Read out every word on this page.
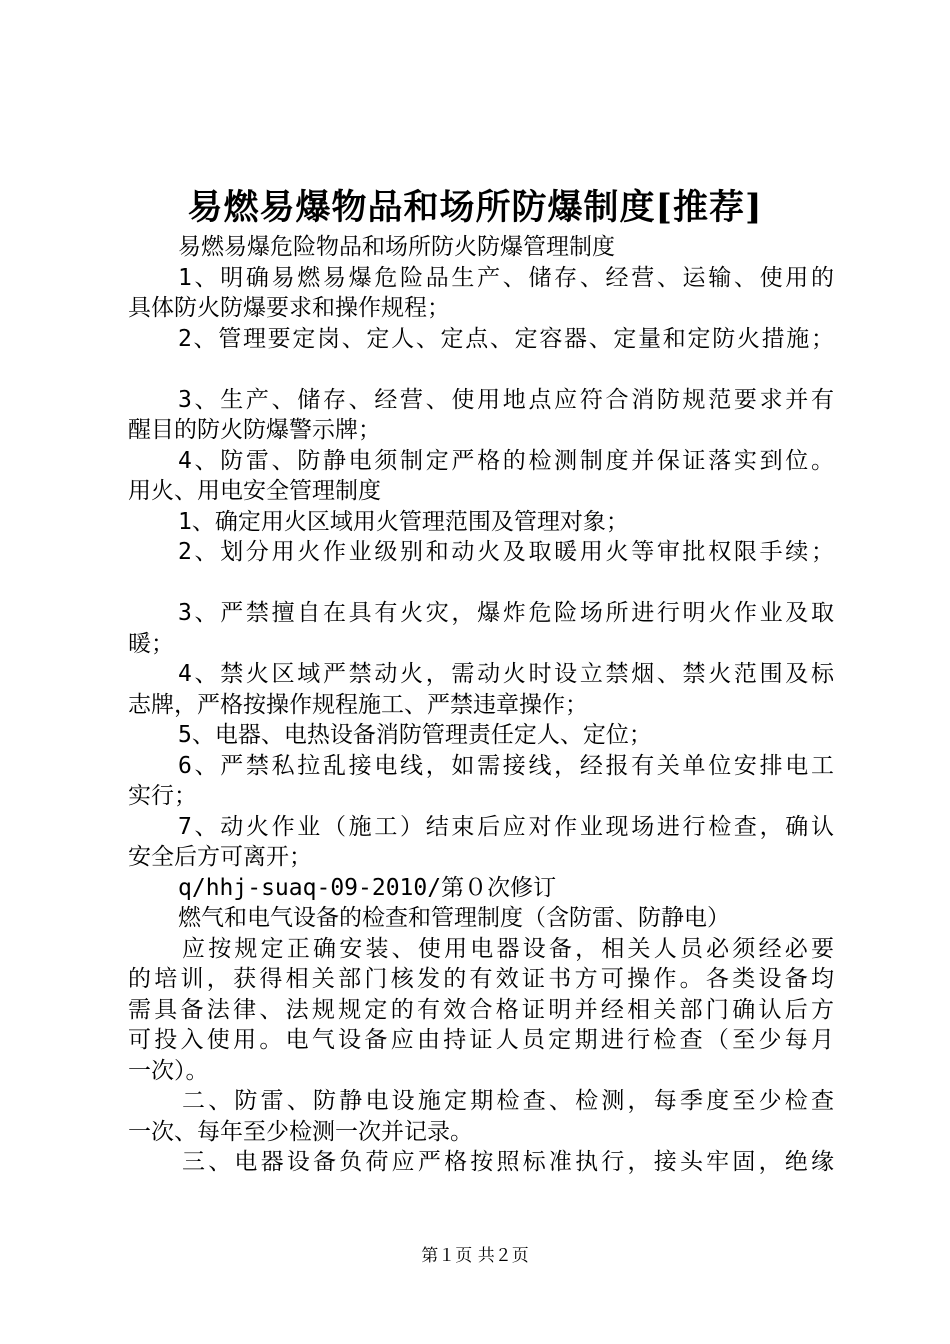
易燃易爆物品和场所防爆制度[推荐]
易燃易爆危险物品和场所防火防爆管理制度
1、明确易燃易爆危险品生产、储存、经营、运输、使用的
具体防火防爆要求和操作规程；
2、管理要定岗、定人、定点、定容器、定量和定防火措施；
3、生产、储存、经营、使用地点应符合消防规范要求并有
醒目的防火防爆警示牌；
4、防雷、防静电须制定严格的检测制度并保证落实到位。
用火、用电安全管理制度
1、确定用火区域用火管理范围及管理对象；
2、划分用火作业级别和动火及取暖用火等审批权限手续；
3、严禁擅自在具有火灾，爆炸危险场所进行明火作业及取
暖；
4、禁火区域严禁动火，需动火时设立禁烟、禁火范围及标
志牌，严格按操作规程施工、严禁违章操作；
5、电器、电热设备消防管理责任定人、定位；
6、严禁私拉乱接电线，如需接线，经报有关单位安排电工
实行；
7、动火作业（施工）结束后应对作业现场进行检查，确认
安全后方可离开；
q/hhj-suaq-09-2010/第０次修订
燃气和电气设备的检查和管理制度（含防雷、防静电）
应按规定正确安装、使用电器设备，相关人员必须经必要
的培训，获得相关部门核发的有效证书方可操作。各类设备均
需具备法律、法规规定的有效合格证明并经相关部门确认后方
可投入使用。电气设备应由持证人员定期进行检查（至少每月
一次）。
二、防雷、防静电设施定期检查、检测，每季度至少检查
一次、每年至少检测一次并记录。
三、电器设备负荷应严格按照标准执行，接头牢固，绝缘
第１页 共２页
